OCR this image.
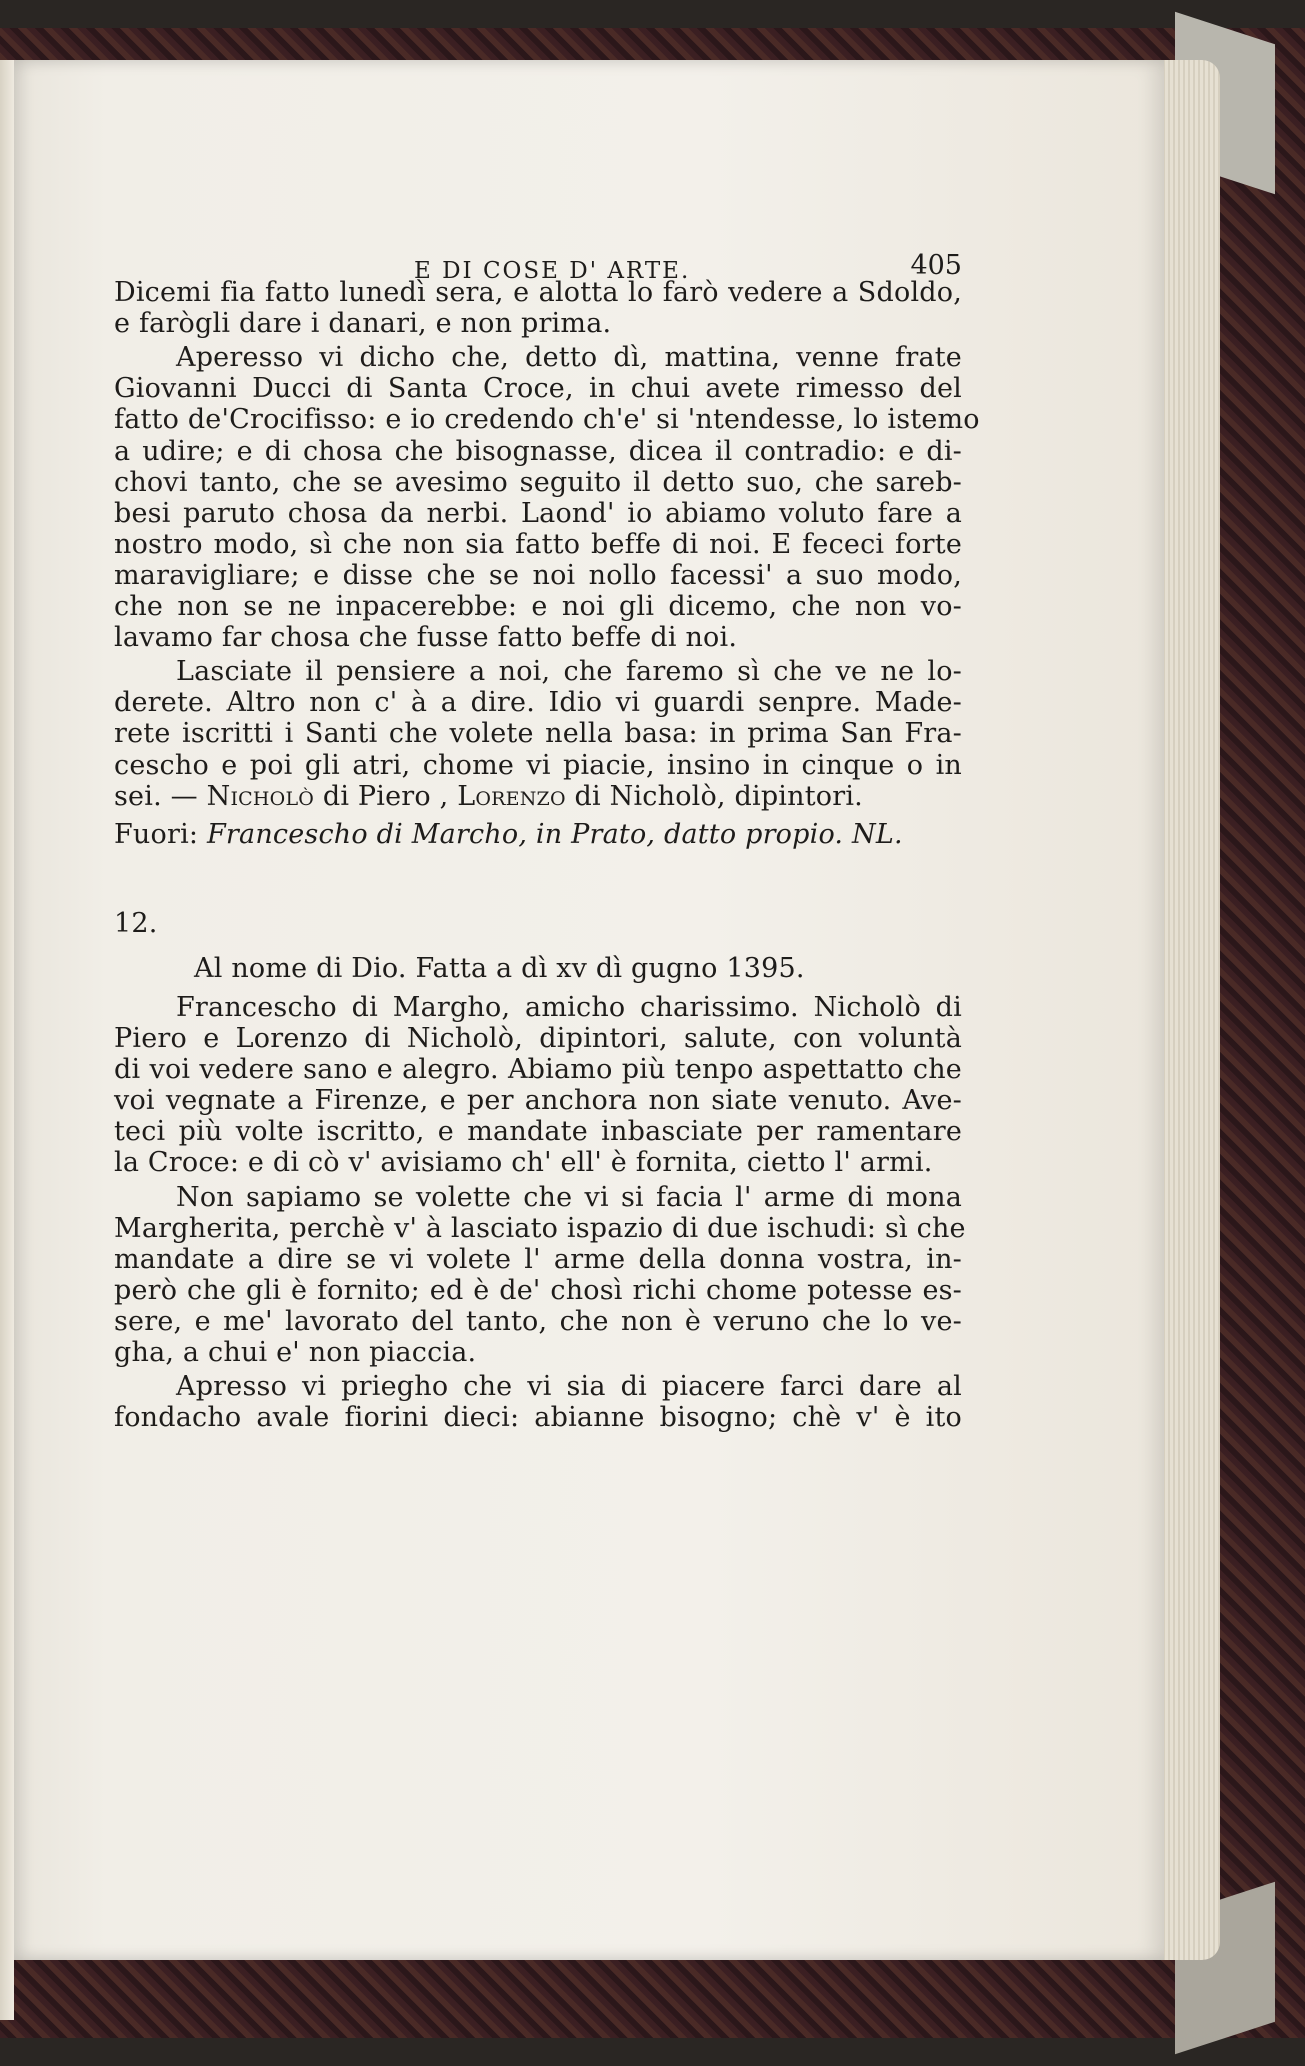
E DI COSE D' ARTE.	405
Dicemi fia fatto lunedì sera, e alotta lo farò vedere a Sdoldo,
e farògli dare i danari, e non prima.
Aperesso vi dicho che, detto dì, mattina, venne frate
Giovanni Ducci di Santa Croce, in chui avete rimesso del
fatto de'Crocifisso: e io credendo ch'e' si 'ntendesse, lo istemo
a udire; e di chosa che bisognasse, dicea il contradio: e di-
chovi tanto, che se avesimo seguito il detto suo, che sareb-
besi paruto chosa da nerbi. Laond' io abiamo voluto fare a
nostro modo, sì che non sia fatto beffe di noi. E fececi forte
maravigliare; e disse che se noi nollo facessi' a suo modo,
che non se ne inpacerebbe: e noi gli dicemo, che non vo-
lavamo far chosa che fusse fatto beffe di noi.
Lasciate il pensiere a noi, che faremo sì che ve ne lo-
derete. Altro non c' à a dire. Idio vi guardi senpre. Made-
rete iscritti i Santi che volete nella basa: in prima San Fra-
cescho e poi gli atri, chome vi piacie, insino in cinque o in
sei. — Nicholò di Piero , Lorenzo di Nicholò, dipintori.
Fuori: Francescho di Marcho, in Prato, datto propio. NL.
12.
Al nome di Dio. Fatta a dì xv dì gugno 1395.
Francescho di Margho, amicho charissimo. Nicholò di
Piero e Lorenzo di Nicholò, dipintori, salute, con voluntà
di voi vedere sano e alegro. Abiamo più tenpo aspettatto che
voi vegnate a Firenze, e per anchora non siate venuto. Ave-
teci più volte iscritto, e mandate inbasciate per ramentare
la Croce: e di cò v' avisiamo ch' ell' è fornita, cietto l' armi.
Non sapiamo se volette che vi si facia l' arme di mona
Margherita, perchè v' à lasciato ispazio di due ischudi: sì che
mandate a dire se vi volete l' arme della donna vostra, in-
però che gli è fornito; ed è de' chosì richi chome potesse es-
sere, e me' lavorato del tanto, che non è veruno che lo ve-
gha, a chui e' non piaccia.
Apresso vi priegho che vi sia di piacere farci dare al
fondacho avale fiorini dieci: abianne bisogno; chè v' è ito
